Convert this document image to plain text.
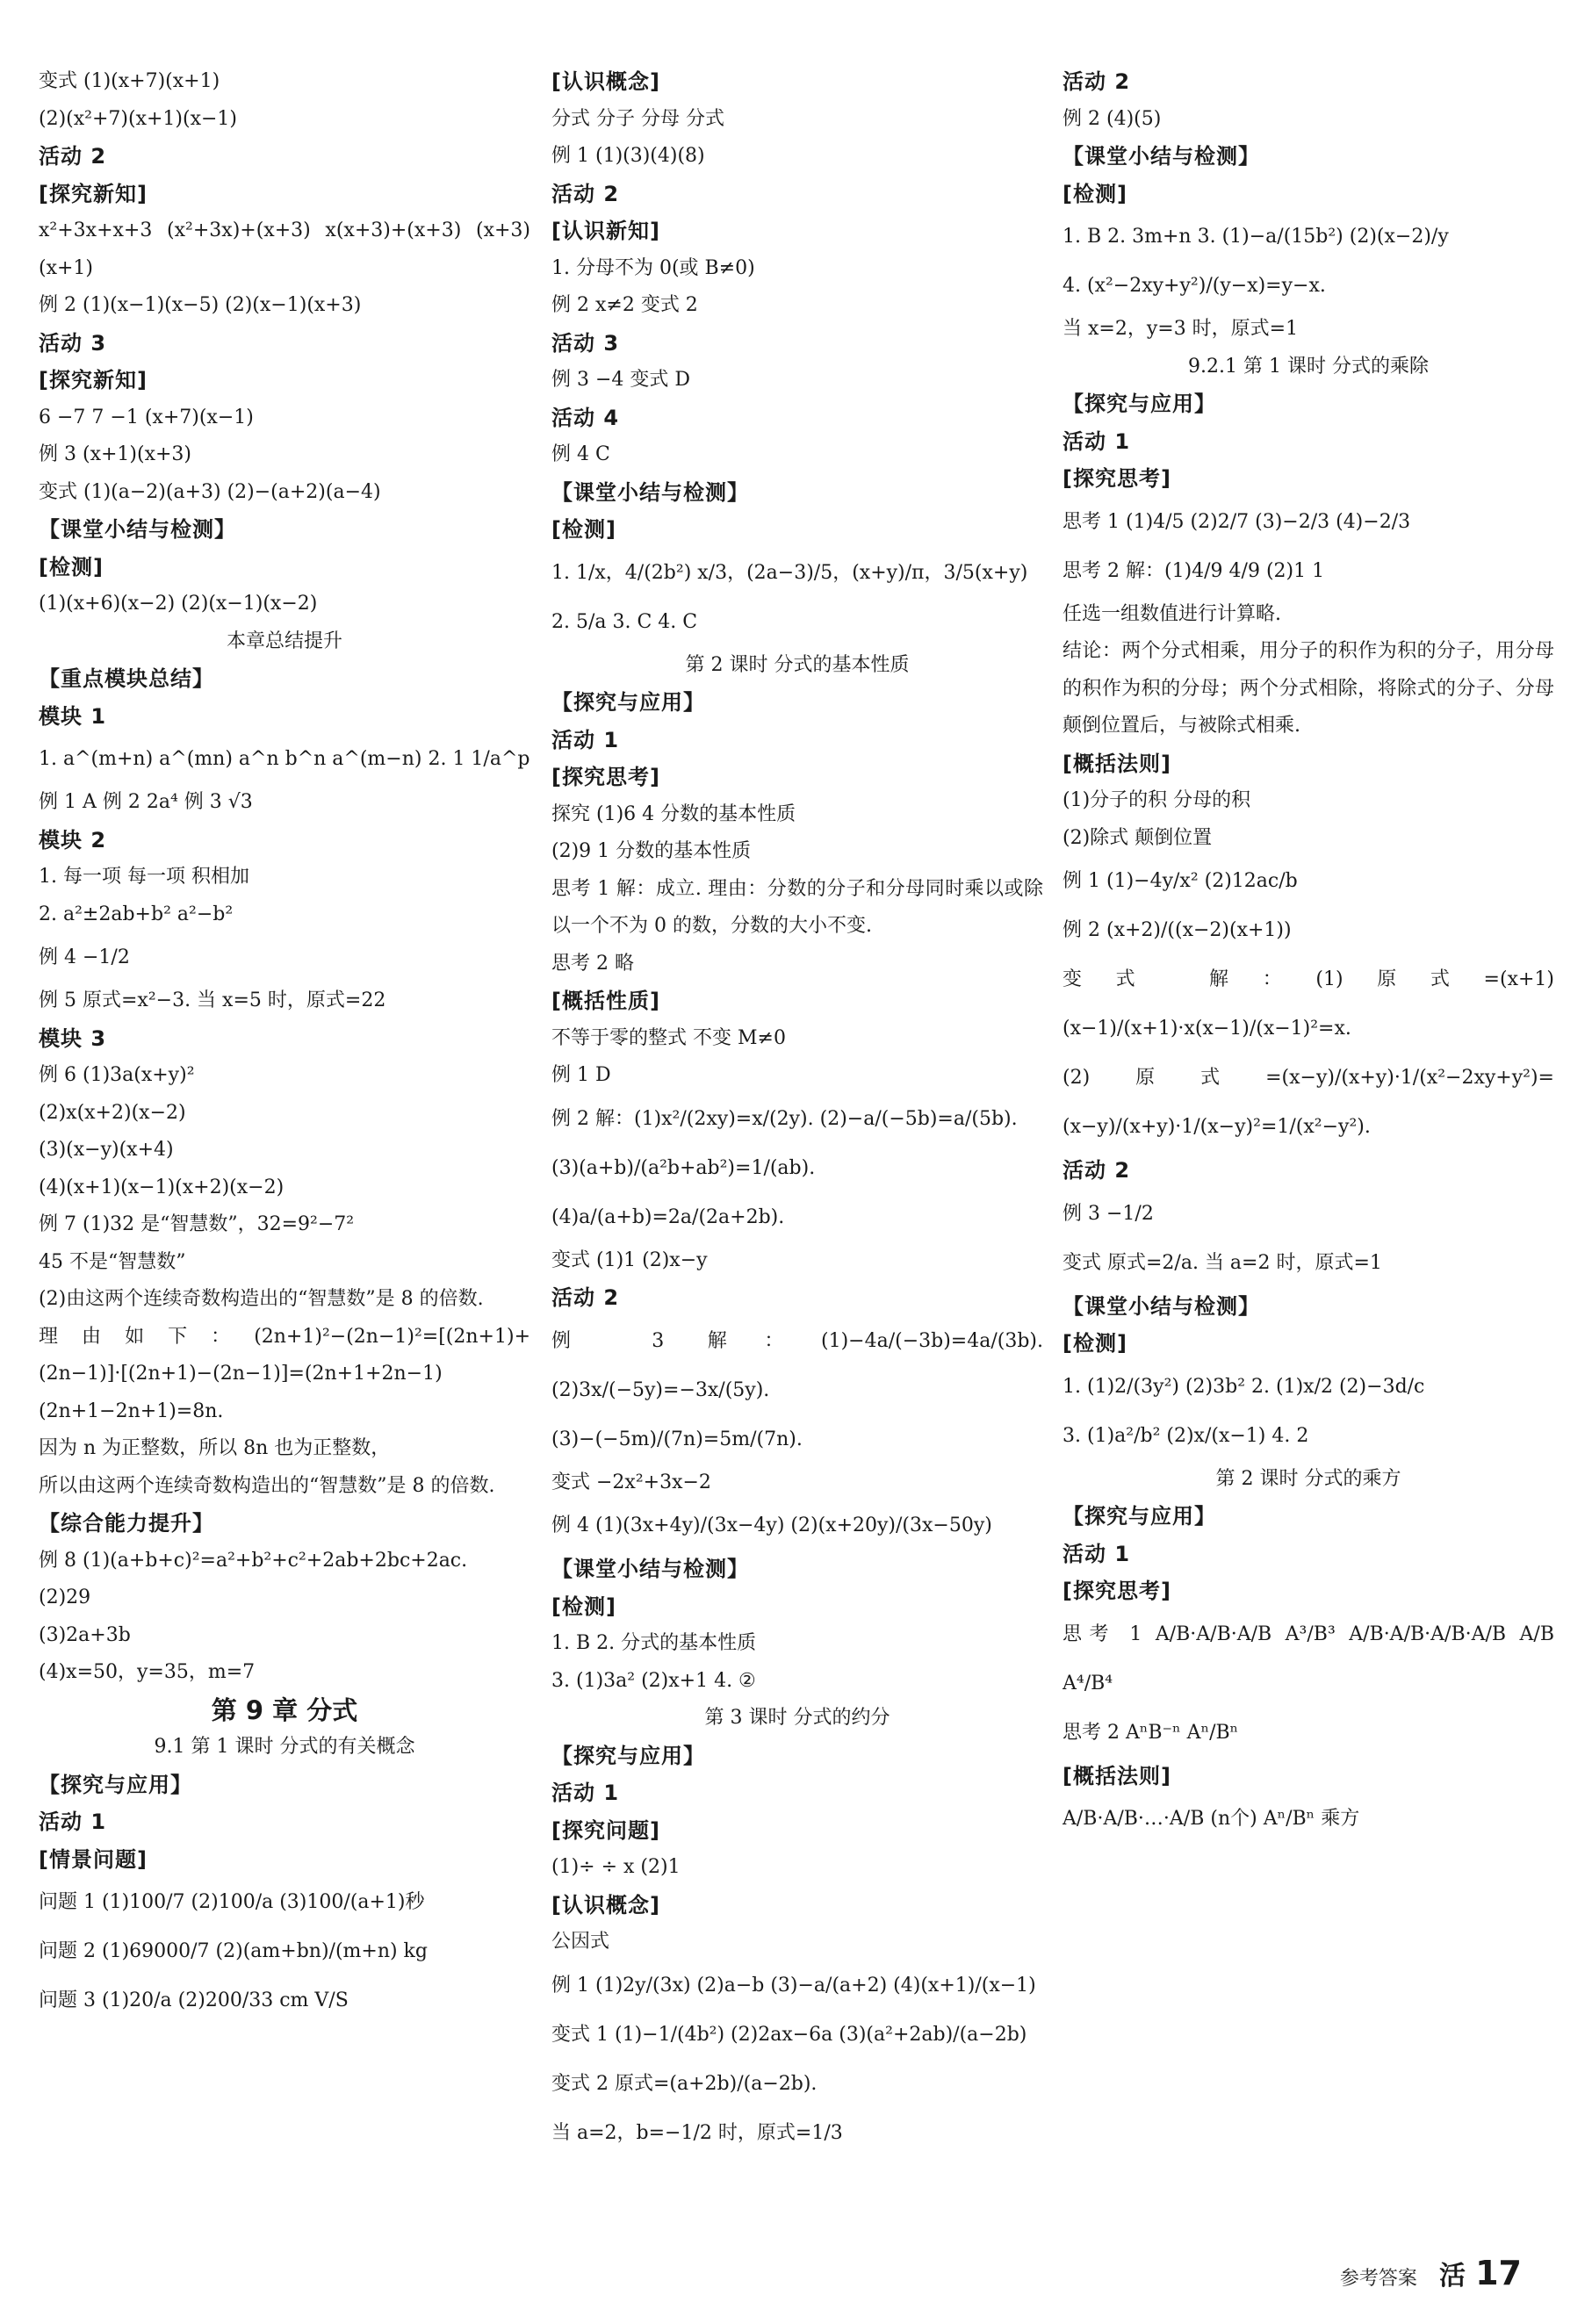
变式 (1)(x+7)(x+1)
(2)(x²+7)(x+1)(x−1)
活动 2
[探究新知]
x²+3x+x+3 (x²+3x)+(x+3) x(x+3)+(x+3) (x+3)(x+1)
例 2 (1)(x−1)(x−5) (2)(x−1)(x+3)
活动 3
[探究新知]
6 −7 7 −1 (x+7)(x−1)
例 3 (x+1)(x+3)
变式 (1)(a−2)(a+3) (2)−(a+2)(a−4)
【课堂小结与检测】
[检测]
(1)(x+6)(x−2) (2)(x−1)(x−2)
本章总结提升
【重点模块总结】
模块 1
1. a^(m+n) a^(mn) a^n b^n a^(m−n) 2. 1 1/a^p
例 1 A 例 2 2a⁴ 例 3 √3
模块 2
1. 每一项 每一项 积相加
2. a²±2ab+b² a²−b²
例 4 −1/2
例 5 原式=x²−3. 当 x=5 时，原式=22
模块 3
例 6 (1)3a(x+y)²
(2)x(x+2)(x−2)
(3)(x−y)(x+4)
(4)(x+1)(x−1)(x+2)(x−2)
例 7 (1)32 是“智慧数”，32=9²−7²
45 不是“智慧数”
(2)由这两个连续奇数构造出的“智慧数”是 8 的倍数.
理由如下：(2n+1)²−(2n−1)²=[(2n+1)+(2n−1)]·[(2n+1)−(2n−1)]=(2n+1+2n−1)(2n+1−2n+1)=8n.
因为 n 为正整数，所以 8n 也为正整数，
所以由这两个连续奇数构造出的“智慧数”是 8 的倍数.
【综合能力提升】
例 8 (1)(a+b+c)²=a²+b²+c²+2ab+2bc+2ac.
(2)29
(3)2a+3b
(4)x=50，y=35，m=7
第 9 章 分式
9.1 第 1 课时 分式的有关概念
【探究与应用】
活动 1
[情景问题]
问题 1 (1)100/7 (2)100/a (3)100/(a+1)秒
问题 2 (1)69000/7 (2)(am+bn)/(m+n) kg
问题 3 (1)20/a (2)200/33 cm V/S
[认识概念]
分式 分子 分母 分式
例 1 (1)(3)(4)(8)
活动 2
[认识新知]
1. 分母不为 0(或 B≠0)
例 2 x≠2 变式 2
活动 3
例 3 −4 变式 D
活动 4
例 4 C
【课堂小结与检测】
[检测]
1. 1/x，4/(2b²) x/3，(2a−3)/5，(x+y)/π，3/5(x+y)
2. 5/a 3. C 4. C
第 2 课时 分式的基本性质
【探究与应用】
活动 1
[探究思考]
探究 (1)6 4 分数的基本性质
(2)9 1 分数的基本性质
思考 1 解：成立. 理由：分数的分子和分母同时乘以或除以一个不为 0 的数，分数的大小不变.
思考 2 略
[概括性质]
不等于零的整式 不变 M≠0
例 1 D
例 2 解：(1)x²/(2xy)=x/(2y). (2)−a/(−5b)=a/(5b).
(3)(a+b)/(a²b+ab²)=1/(ab). (4)a/(a+b)=2a/(2a+2b).
变式 (1)1 (2)x−y
活动 2
例 3 解：(1)−4a/(−3b)=4a/(3b). (2)3x/(−5y)=−3x/(5y).
(3)−(−5m)/(7n)=5m/(7n).
变式 −2x²+3x−2
例 4 (1)(3x+4y)/(3x−4y) (2)(x+20y)/(3x−50y)
【课堂小结与检测】
[检测]
1. B 2. 分式的基本性质
3. (1)3a² (2)x+1 4. ②
第 3 课时 分式的约分
【探究与应用】
活动 1
[探究问题]
(1)÷ ÷ x (2)1
[认识概念]
公因式
例 1 (1)2y/(3x) (2)a−b (3)−a/(a+2) (4)(x+1)/(x−1)
变式 1 (1)−1/(4b²) (2)2ax−6a (3)(a²+2ab)/(a−2b)
变式 2 原式=(a+2b)/(a−2b).
当 a=2，b=−1/2 时，原式=1/3
活动 2
例 2 (4)(5)
【课堂小结与检测】
[检测]
1. B 2. 3m+n 3. (1)−a/(15b²) (2)(x−2)/y
4. (x²−2xy+y²)/(y−x)=y−x.
当 x=2，y=3 时，原式=1
9.2.1 第 1 课时 分式的乘除
【探究与应用】
活动 1
[探究思考]
思考 1 (1)4/5 (2)2/7 (3)−2/3 (4)−2/3
思考 2 解：(1)4/9 4/9 (2)1 1
任选一组数值进行计算略.
结论：两个分式相乘，用分子的积作为积的分子，用分母的积作为积的分母；两个分式相除，将除式的分子、分母颠倒位置后，与被除式相乘.
[概括法则]
(1)分子的积 分母的积
(2)除式 颠倒位置
例 1 (1)−4y/x² (2)12ac/b
例 2 (x+2)/((x−2)(x+1))
变式 解：(1)原式=(x+1)(x−1)/(x+1)·x(x−1)/(x−1)²=x.
(2)原式=(x−y)/(x+y)·1/(x²−2xy+y²)=(x−y)/(x+y)·1/(x−y)²=1/(x²−y²).
活动 2
例 3 −1/2
变式 原式=2/a. 当 a=2 时，原式=1
【课堂小结与检测】
[检测]
1. (1)2/(3y²) (2)3b² 2. (1)x/2 (2)−3d/c
3. (1)a²/b² (2)x/(x−1) 4. 2
第 2 课时 分式的乘方
【探究与应用】
活动 1
[探究思考]
思考 1 A/B·A/B·A/B A³/B³ A/B·A/B·A/B·A/B A/B A⁴/B⁴
思考 2 AⁿB⁻ⁿ Aⁿ/Bⁿ
[概括法则]
A/B·A/B·…·A/B (n个) Aⁿ/Bⁿ 乘方
参考答案 活 17
